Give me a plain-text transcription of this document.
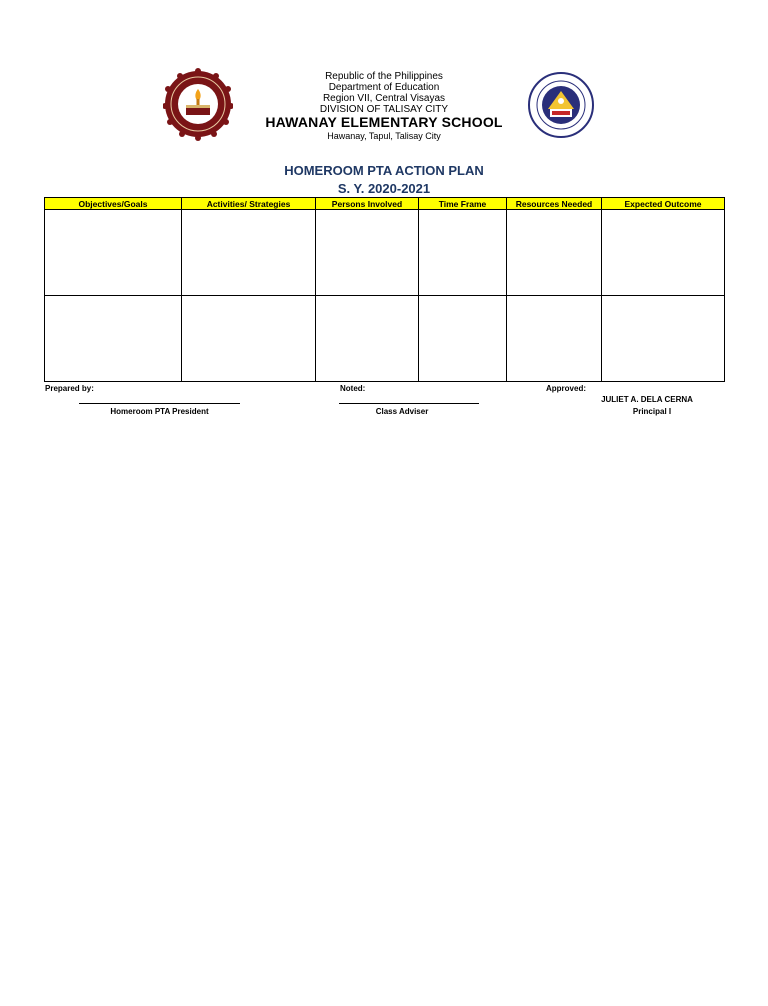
Republic of the Philippines
Department of Education
Region VII, Central Visayas
DIVISION OF TALISAY CITY
HAWANAY ELEMENTARY SCHOOL
Hawanay, Tapul, Talisay City
HOMEROOM PTA ACTION PLAN
S. Y. 2020-2021
Objectives/Goals	Activities/ Strategies	Persons Involved	Time Frame	Resources Needed	Expected Outcome

Prepared by:
Homeroom PTA President
Noted:
Class Adviser
Approved:
JULIET A. DELA CERNA
Principal I
